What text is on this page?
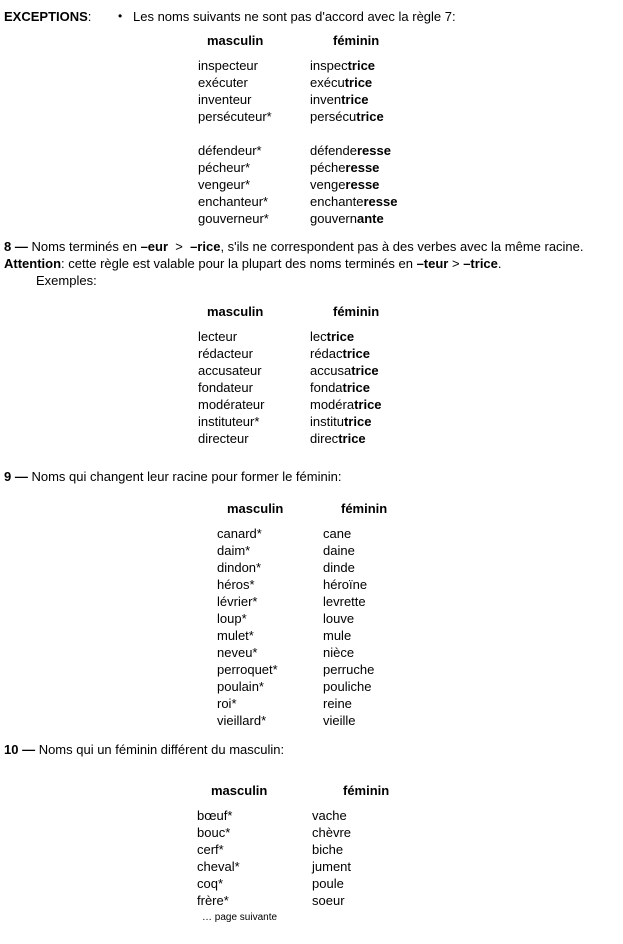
EXCEPTIONS:	• Les noms suivants ne sont pas d'accord avec la règle 7:

masculin	féminin
inspecteur	inspectrice
exécuter	exécutrice
inventeur	inventrice
persécuteur*	persécutrice
défendeur*	défenderesse
pécheur*	pécheresse
vengeur*	vengeresse
enchanteur*	enchanteresse
gouverneur*	gouvernante

8 — Noms terminés en –eur  >  –rice, s'ils ne correspondent pas à des verbes avec la même racine.  Attention: cette règle est valable pour la plupart des noms terminés en –teur > –trice.

Exemples:

masculin	féminin
lecteur	lectrice
rédacteur	rédactrice
accusateur	accusatrice
fondateur	fondatrice
modérateur	modératrice
instituteur*	institutrice
directeur	directrice

9 — Noms qui changent leur racine pour former le féminin:

masculin	féminin
canard*	cane
daim*	daine
dindon*	dinde
héros*	héroïne
lévrier*	levrette
loup*	louve
mulet*	mule
neveu*	nièce
perroquet*	perruche
poulain*	pouliche
roi*	reine
vieillard*	vieille

10 — Noms qui un féminin différent du masculin:

masculin	féminin
bœuf*	vache
bouc*	chèvre
cerf*	biche
cheval*	jument
coq*	poule
frère*	soeur

… page suivante
